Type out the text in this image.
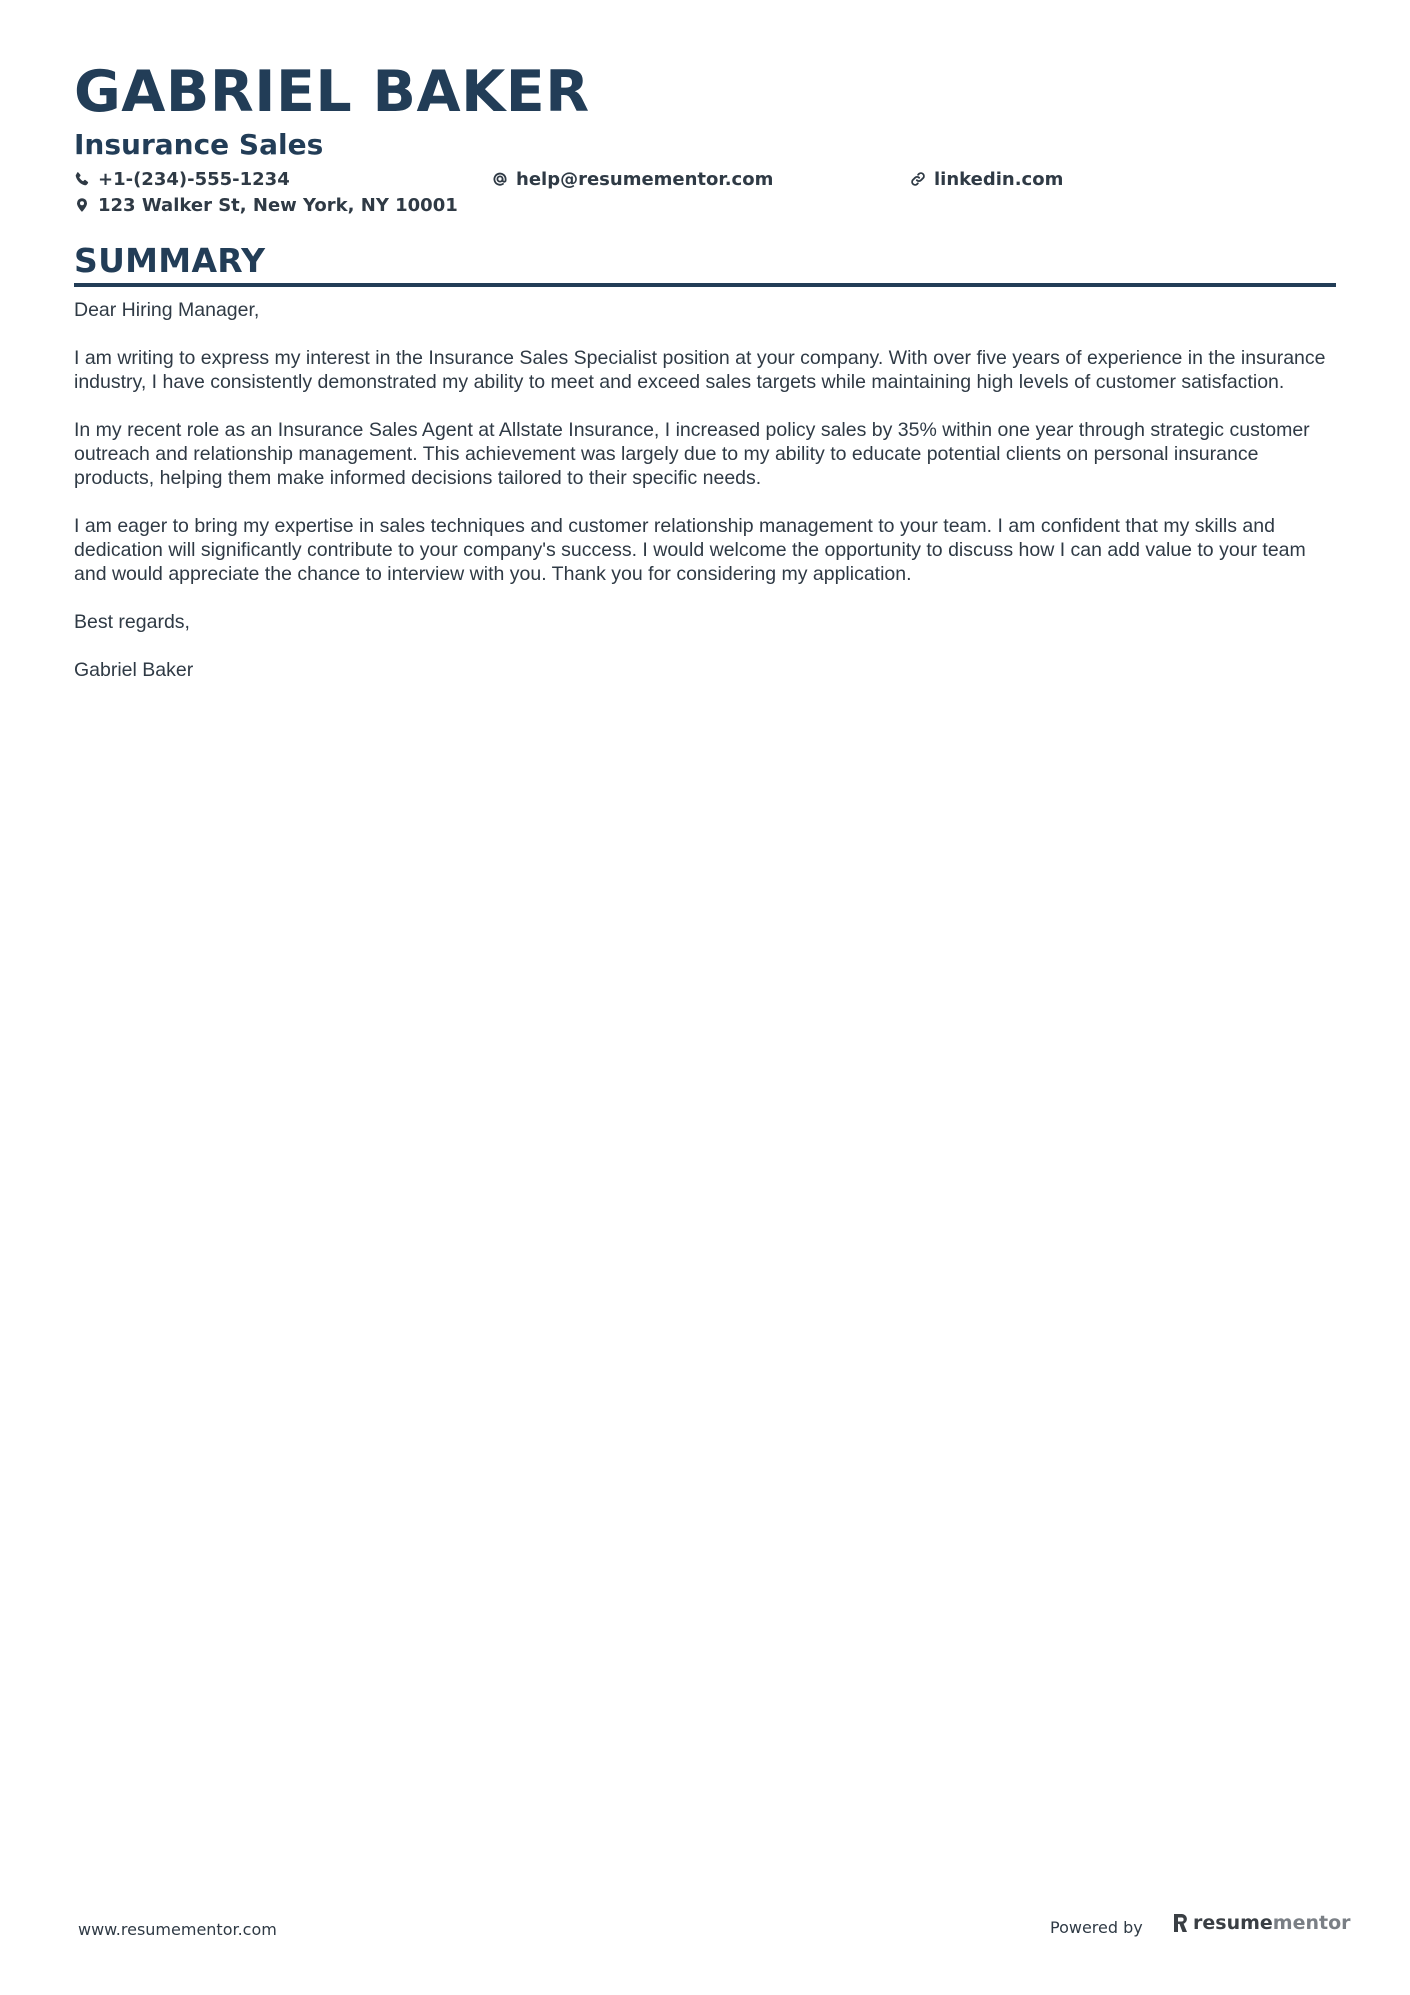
GABRIEL BAKER
Insurance Sales
+1-(234)-555-1234	help@resumementor.com	linkedin.com
123 Walker St, New York, NY 10001
SUMMARY

Dear Hiring Manager,

I am writing to express my interest in the Insurance Sales Specialist position at your company. With over five years of experience in the insurance industry, I have consistently demonstrated my ability to meet and exceed sales targets while maintaining high levels of customer satisfaction.

In my recent role as an Insurance Sales Agent at Allstate Insurance, I increased policy sales by 35% within one year through strategic customer outreach and relationship management. This achievement was largely due to my ability to educate potential clients on personal insurance products, helping them make informed decisions tailored to their specific needs.

I am eager to bring my expertise in sales techniques and customer relationship management to your team. I am confident that my skills and dedication will significantly contribute to your company's success. I would welcome the opportunity to discuss how I can add value to your team and would appreciate the chance to interview with you. Thank you for considering my application.

Best regards,

Gabriel Baker

www.resumementor.com	Powered by	resume mentor
